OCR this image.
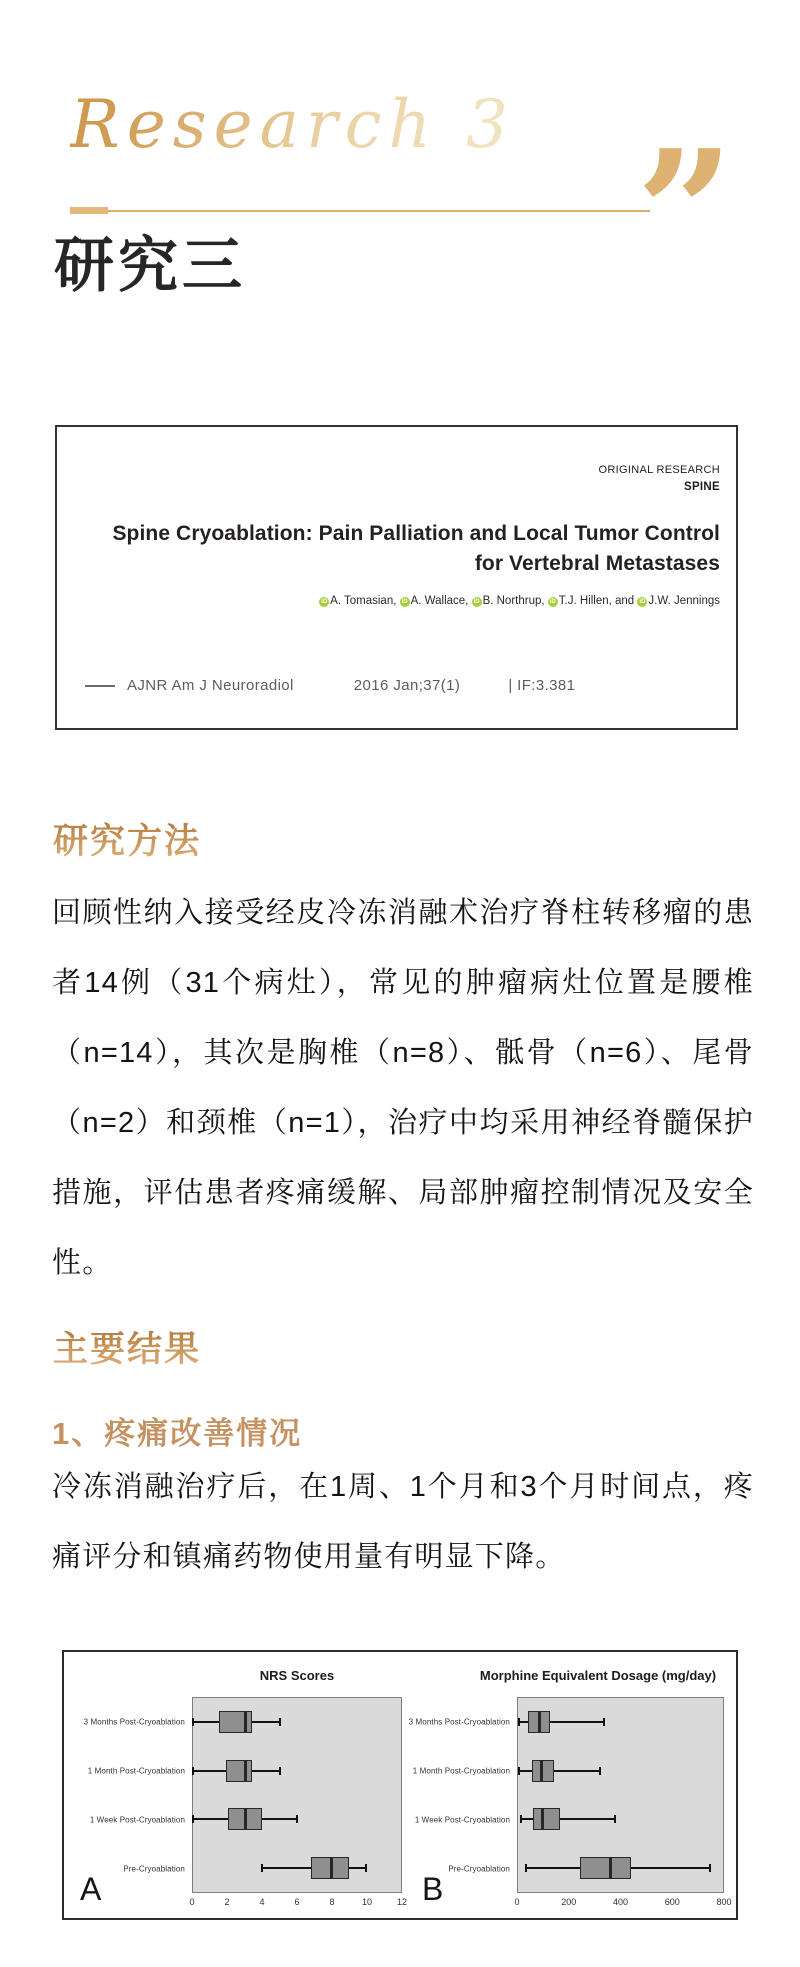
Research 3 ”
研究三
ORIGINAL RESEARCH
SPINE
Spine Cryoablation: Pain Palliation and Local Tumor Control
for Vertebral Metastases
iD A. Tomasian, iD A. Wallace, iD B. Northrup, iD T.J. Hillen, and iD J.W. Jennings
AJNR Am J Neuroradiol	2016 Jan;37(1)	| IF:3.381
研究方法
回顾性纳入接受经皮冷冻消融术治疗脊柱转移瘤的患者14例（31个病灶），常见的肿瘤病灶位置是腰椎（n=14），其次是胸椎（n=8）、骶骨（n=6）、尾骨（n=2）和颈椎（n=1），治疗中均采用神经脊髓保护措施，评估患者疼痛缓解、局部肿瘤控制情况及安全性。
主要结果
1、疼痛改善情况
冷冻消融治疗后，在1周、1个月和3个月时间点，疼痛评分和镇痛药物使用量有明显下降。
NRS Scores
3 Months Post-Cryoablation
1 Month Post-Cryoablation
1 Week Post-Cryoablation
Pre-Cryoablation
0	2	4	6	8	10	12
A
Morphine Equivalent Dosage (mg/day)
3 Months Post-Cryoablation
1 Month Post-Cryoablation
1 Week Post-Cryoablation
Pre-Cryoablation
0	200	400	600	800
B
